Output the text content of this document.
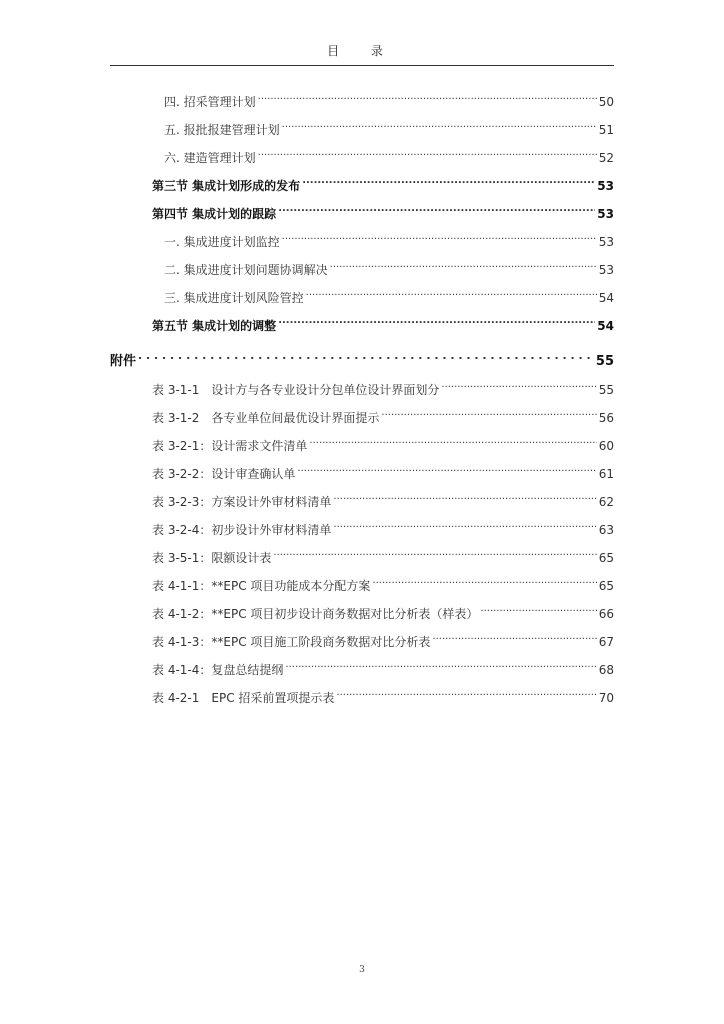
目 录
四. 招采管理计划 .....	50
五. 报批报建管理计划 .....	51
六. 建造管理计划 .....	52
第三节 集成计划形成的发布 .....	53
第四节 集成计划的跟踪 .....	53
一. 集成进度计划监控 .....	53
二. 集成进度计划问题协调解决 .....	53
三. 集成进度计划风险管控 .....	54
第五节 集成计划的调整 .....	54
附件 . . .	55
表 3-1-1 设计方与各专业设计分包单位设计界面划分 .....	55
表 3-1-2 各专业单位间最优设计界面提示 .....	56
表 3-2-1：设计需求文件清单 .....	60
表 3-2-2：设计审查确认单 .....	61
表 3-2-3：方案设计外审材料清单 .....	62
表 3-2-4：初步设计外审材料清单 .....	63
表 3-5-1：限额设计表 .....	65
表 4-1-1：**EPC 项目功能成本分配方案 .....	65
表 4-1-2：**EPC 项目初步设计商务数据对比分析表（样表） .....	66
表 4-1-3：**EPC 项目施工阶段商务数据对比分析表 .....	67
表 4-1-4：复盘总结提纲 .....	68
表 4-2-1 EPC 招采前置项提示表 .....	70
3
